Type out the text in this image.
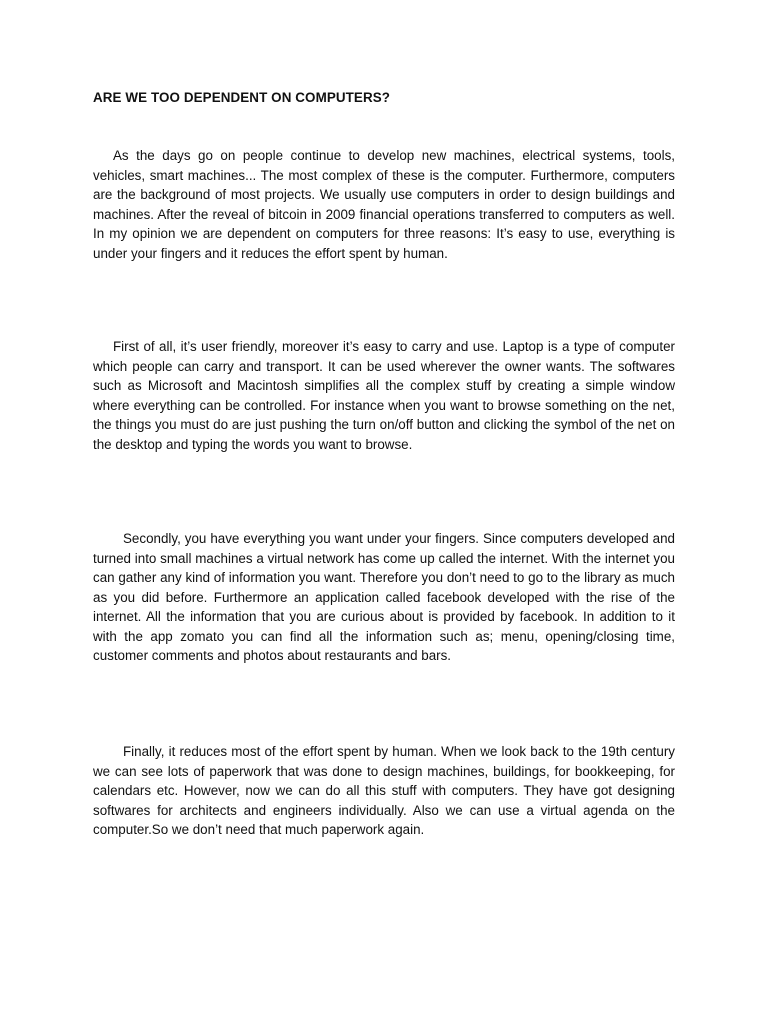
ARE WE TOO DEPENDENT ON COMPUTERS?

As the days go on people continue to develop new machines, electrical systems, tools, vehicles, smart machines... The most complex of these is the computer. Furthermore, computers are the background of most projects. We usually use computers in order to design buildings and machines. After the reveal of bitcoin in 2009 financial operations transferred to computers as well. In my opinion we are dependent on computers for three reasons: It’s easy to use, everything is under your fingers and it reduces the effort spent by human.

First of all, it’s user friendly, moreover it’s easy to carry and use. Laptop is a type of computer which people can carry and transport. It can be used wherever the owner wants. The softwares such as Microsoft and Macintosh simplifies all the complex stuff by creating a simple window where everything can be controlled. For instance when you want to browse something on the net, the things you must do are just pushing the turn on/off button and clicking the symbol of the net on the desktop and typing the words you want to browse.

Secondly, you have everything you want under your fingers. Since computers developed and turned into small machines a virtual network has come up called the internet. With the internet you can gather any kind of information you want. Therefore you don’t need to go to the library as much as you did before. Furthermore an application called facebook developed with the rise of the internet. All the information that you are curious about is provided by facebook. In addition to it with the app zomato you can find all the information such as; menu, opening/closing time, customer comments and photos about restaurants and bars.

Finally, it reduces most of the effort spent by human. When we look back to the 19th century we can see lots of paperwork that was done to design machines, buildings, for bookkeeping, for calendars etc. However, now we can do all this stuff with computers. They have got designing softwares for architects and engineers individually. Also we can use a virtual agenda on the computer.So we don’t need that much paperwork again.
